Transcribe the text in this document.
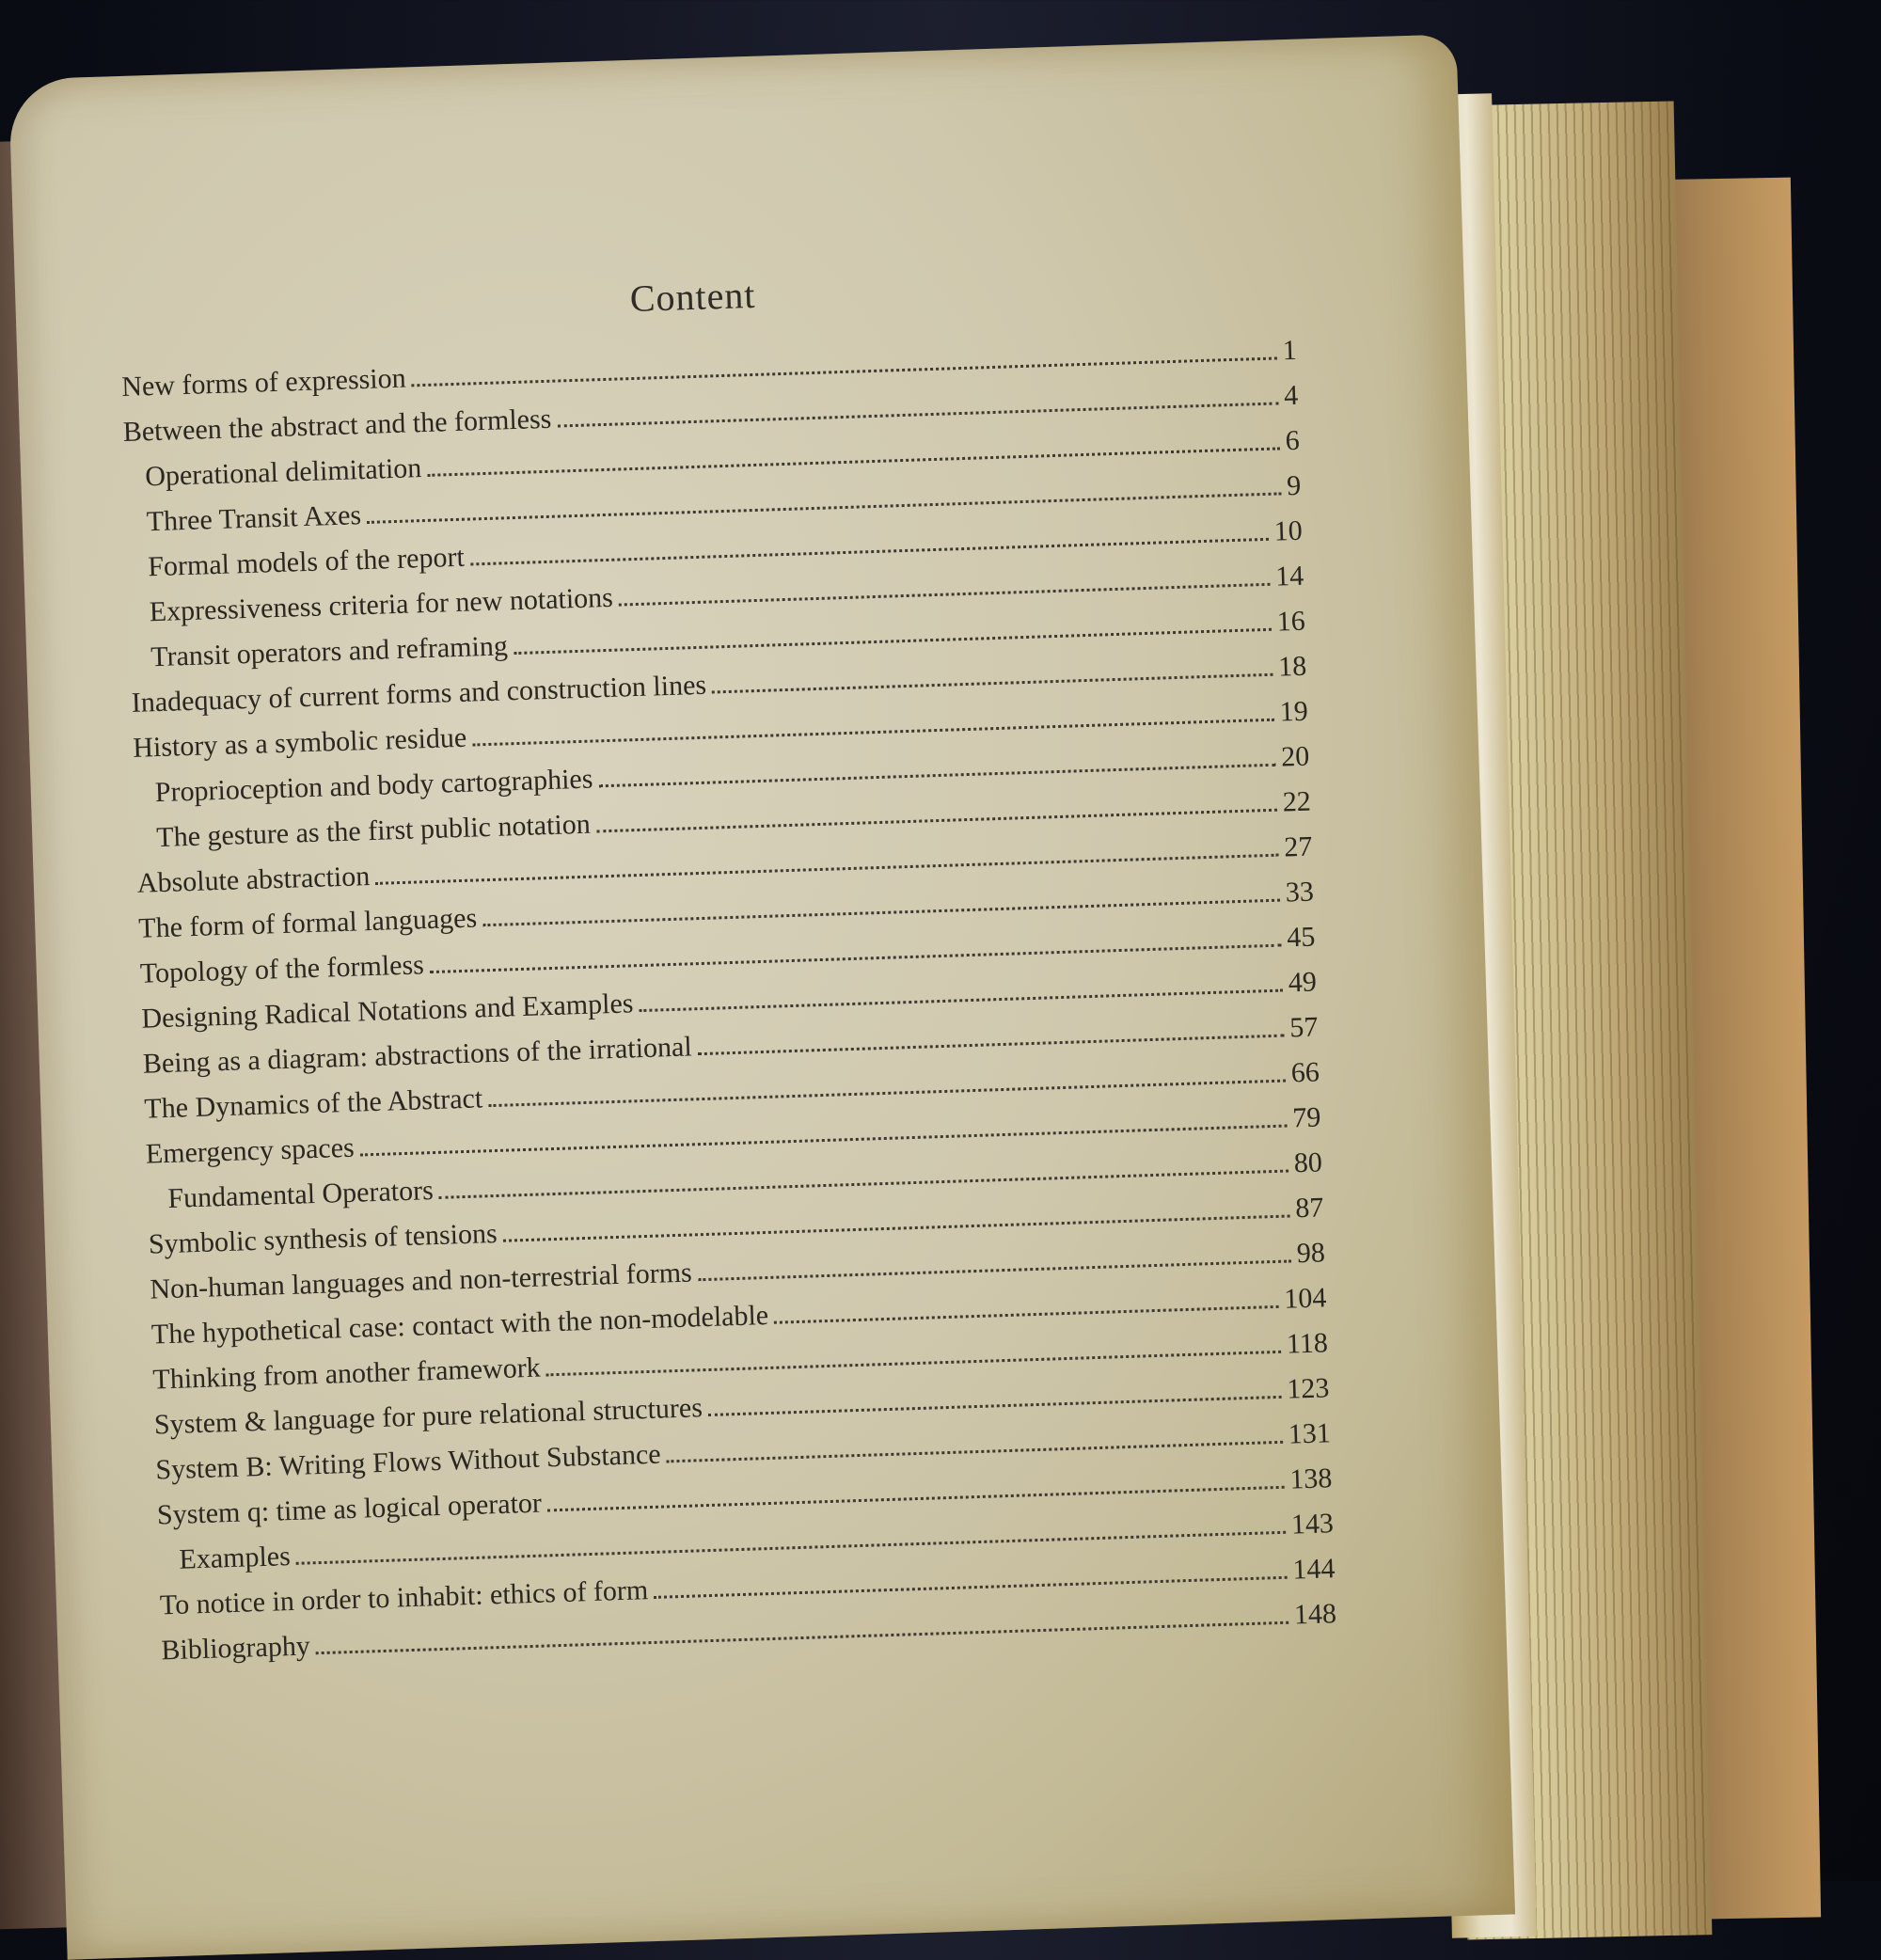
Content
New forms of expression
1
Between the abstract and the formless
4
Operational delimitation
6
Three Transit Axes
9
Formal models of the report
10
Expressiveness criteria for new notations
14
Transit operators and reframing
16
Inadequacy of current forms and construction lines
18
History as a symbolic residue
19
Proprioception and body cartographies
20
The gesture as the first public notation
22
Absolute abstraction
27
The form of formal languages
33
Topology of the formless
45
Designing Radical Notations and Examples
49
Being as a diagram: abstractions of the irrational
57
The Dynamics of the Abstract
66
Emergency spaces
79
Fundamental Operators
80
Symbolic synthesis of tensions
87
Non-human languages and non-terrestrial forms
98
The hypothetical case: contact with the non-modelable
104
Thinking from another framework
118
System & language for pure relational structures
123
System B: Writing Flows Without Substance
131
System q: time as logical operator
138
Examples
143
To notice in order to inhabit: ethics of form
144
Bibliography
148
